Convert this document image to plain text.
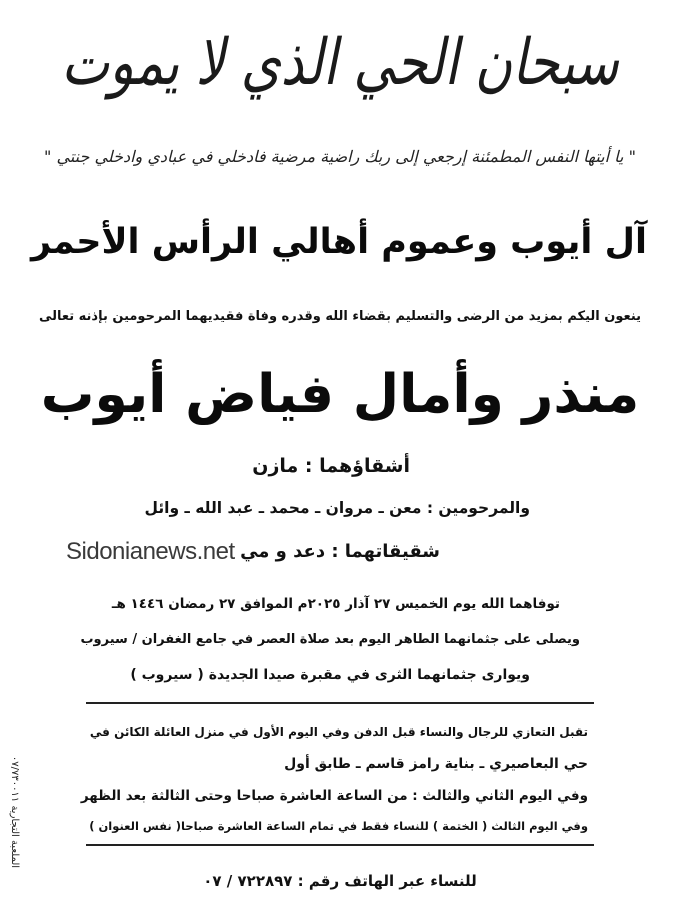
سبحان الحي الذي لا يموت
" يا أيتها النفس المطمئنة إرجعي إلى ربك راضية مرضية فادخلي في عبادي وادخلي جنتي "
آل أيوب وعموم أهالي الرأس الأحمر
ينعون اليكم بمزيد من الرضى والتسليم بقضاء الله وقدره وفاة فقيديهما المرحومين بإذنه تعالى
منذر وأمال فياض أيوب
أشقاؤهما : مازن
والمرحومين : معن ـ مروان ـ محمد ـ عبد الله ـ وائل
شقيقاتهما : دعد و مي
Sidonianews.net
توفاهما الله يوم الخميس ٢٧ آذار ٢٠٢٥م الموافق ٢٧ رمضان ١٤٤٦ هـ
ويصلى على جثمانهما الطاهر اليوم بعد صلاة العصر في جامع الغفران / سيروب
ويوارى جثمانهما الثرى في مقبرة صيدا الجديدة ( سيروب )
تقبل التعازي للرجال والنساء قبل الدفن وفي اليوم الأول في منزل العائلة الكائن في
حي البعاصيري ـ بناية رامز قاسم ـ طابق أول
وفي اليوم الثاني والثالث : من الساعة العاشرة صباحا وحتى الثالثة بعد الظهر
وفي اليوم الثالث ( الختمة ) للنساء فقط في تمام الساعة العاشرة صباحا( نفس العنوان )
للنساء عبر الهاتف رقم : ٧٢٢٨٩٧ / ٠٧
الملعبة التجارية ٠٧/٧٣٠٠١١
